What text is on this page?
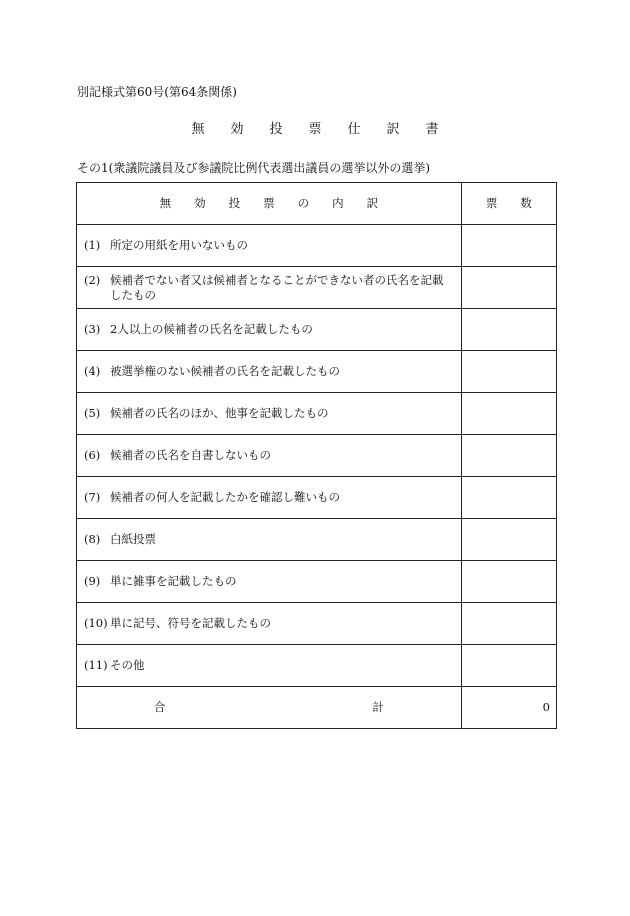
別記様式第60号(第64条関係)
無　　効　　投　　票　　仕　　訳　　書
その1(衆議院議員及び参議院比例代表選出議員の選挙以外の選挙)
無　　効　　投　　票　　の　　内　　訳	票　　数

(1) 所定の用紙を用いないもの	

(2) 候補者でない者又は候補者となることができない者の氏名を記載したもの	

(3) 2人以上の候補者の氏名を記載したもの	

(4) 被選挙権のない候補者の氏名を記載したもの	

(5) 候補者の氏名のほか、他事を記載したもの	

(6) 候補者の氏名を自書しないもの	

(7) 候補者の何人を記載したかを確認し難いもの	

(8) 白紙投票	

(9) 単に雑事を記載したもの	

(10) 単に記号、符号を記載したもの	

(11) その他	

合　　　　　　　　　　　　　　　　　　計	0
